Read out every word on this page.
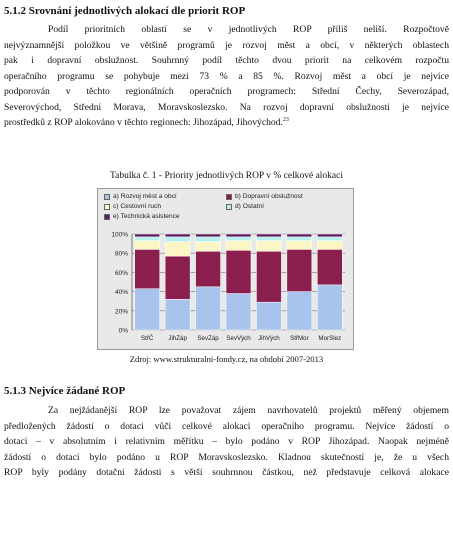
5.1.2 Srovnání jednotlivých alokací dle priorit ROP
Podíl prioritních oblastí se v jednotlivých ROP příliš neliší. Rozpočtově
nejvýznamnější položkou ve většině programů je rozvoj měst a obcí, v některých oblastech
pak i dopravní obslužnost. Souhrnný podíl těchto dvou priorit na celkovém rozpočtu
operačního programu se pohybuje mezi 73 % a 85 %. Rozvoj měst a obcí je nejvíce
podporován v těchto regionálních operačních programech: Střední Čechy, Severozápad,
Severovýchod, Střední Morava, Moravskoslezsko. Na rozvoj dopravní obslužnosti je nejvíce
prostředků z ROP alokováno v těchto regionech: Jihozápad, Jihovýchod.$^{23}$
Tabulka č. 1 - Priority jednotlivých ROP v % celkové alokaci
a) Rozvoj měst a obcí	b) Dopravní obslužnost
c) Cestovní ruch	d) Ostatní
e) Technická asistence
0%
20%
40%
60%
80%
100%
StřČ JihZáp SevZáp SevVých JihVých StřMor MorSlez
Zdroj: www.strukturalni-fondy.cz, na období 2007-2013
5.1.3 Nejvíce žádané ROP
Za nejžádanější ROP lze považovat zájem navrhovatelů projektů měřený objemem
předložených žádostí o dotaci vůči celkové alokaci operačního programu. Nejvíce žádostí o
dotaci – v absolutním i relativním měřítku – bylo podáno v ROP Jihozápad. Naopak nejméně
žádostí o dotaci bylo podáno u ROP Moravskoslezsko. Kladnou skutečností je, že u všech
ROP byly podány dotační žádosti s větší souhrnnou částkou, než představuje celková alokace
